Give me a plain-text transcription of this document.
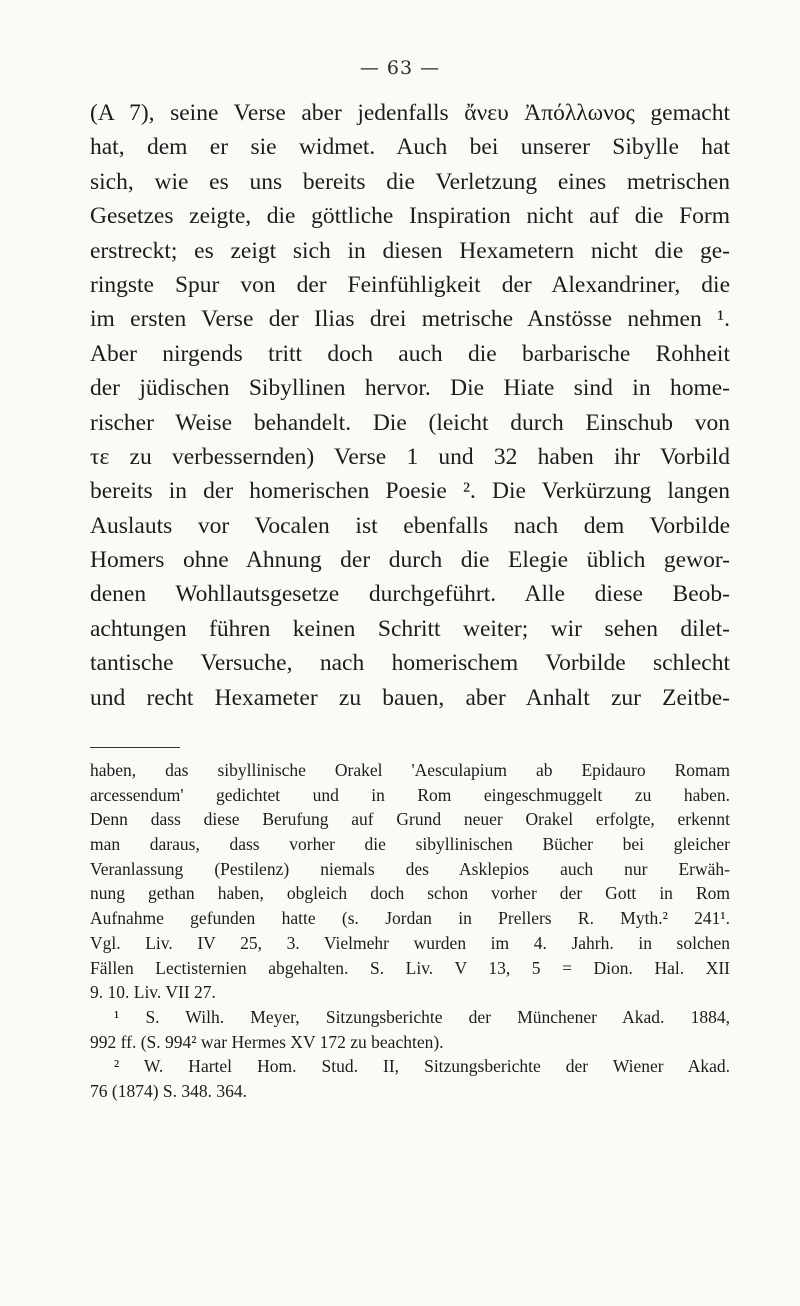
— 63 —
(A 7), seine Verse aber jedenfalls ἄνευ Ἀπόλλωνος gemacht
hat, dem er sie widmet. Auch bei unserer Sibylle hat
sich, wie es uns bereits die Verletzung eines metrischen
Gesetzes zeigte, die göttliche Inspiration nicht auf die Form
erstreckt; es zeigt sich in diesen Hexametern nicht die ge-
ringste Spur von der Feinfühligkeit der Alexandriner, die
im ersten Verse der Ilias drei metrische Anstösse nehmen ¹.
Aber nirgends tritt doch auch die barbarische Rohheit
der jüdischen Sibyllinen hervor. Die Hiate sind in home-
rischer Weise behandelt. Die (leicht durch Einschub von
τε zu verbessernden) Verse 1 und 32 haben ihr Vorbild
bereits in der homerischen Poesie ². Die Verkürzung langen
Auslauts vor Vocalen ist ebenfalls nach dem Vorbilde
Homers ohne Ahnung der durch die Elegie üblich gewor-
denen Wohllautsgesetze durchgeführt. Alle diese Beob-
achtungen führen keinen Schritt weiter; wir sehen dilet-
tantische Versuche, nach homerischem Vorbilde schlecht
und recht Hexameter zu bauen, aber Anhalt zur Zeitbe-
haben, das sibyllinische Orakel 'Aesculapium ab Epidauro Romam
arcessendum' gedichtet und in Rom eingeschmuggelt zu haben.
Denn dass diese Berufung auf Grund neuer Orakel erfolgte, erkennt
man daraus, dass vorher die sibyllinischen Bücher bei gleicher
Veranlassung (Pestilenz) niemals des Asklepios auch nur Erwäh-
nung gethan haben, obgleich doch schon vorher der Gott in Rom
Aufnahme gefunden hatte (s. Jordan in Prellers R. Myth.² 241¹.
Vgl. Liv. IV 25, 3. Vielmehr wurden im 4. Jahrh. in solchen
Fällen Lectisternien abgehalten. S. Liv. V 13, 5 = Dion. Hal. XII
9. 10. Liv. VII 27.
¹ S. Wilh. Meyer, Sitzungsberichte der Münchener Akad. 1884,
992 ff. (S. 994² war Hermes XV 172 zu beachten).
² W. Hartel Hom. Stud. II, Sitzungsberichte der Wiener Akad.
76 (1874) S. 348. 364.
